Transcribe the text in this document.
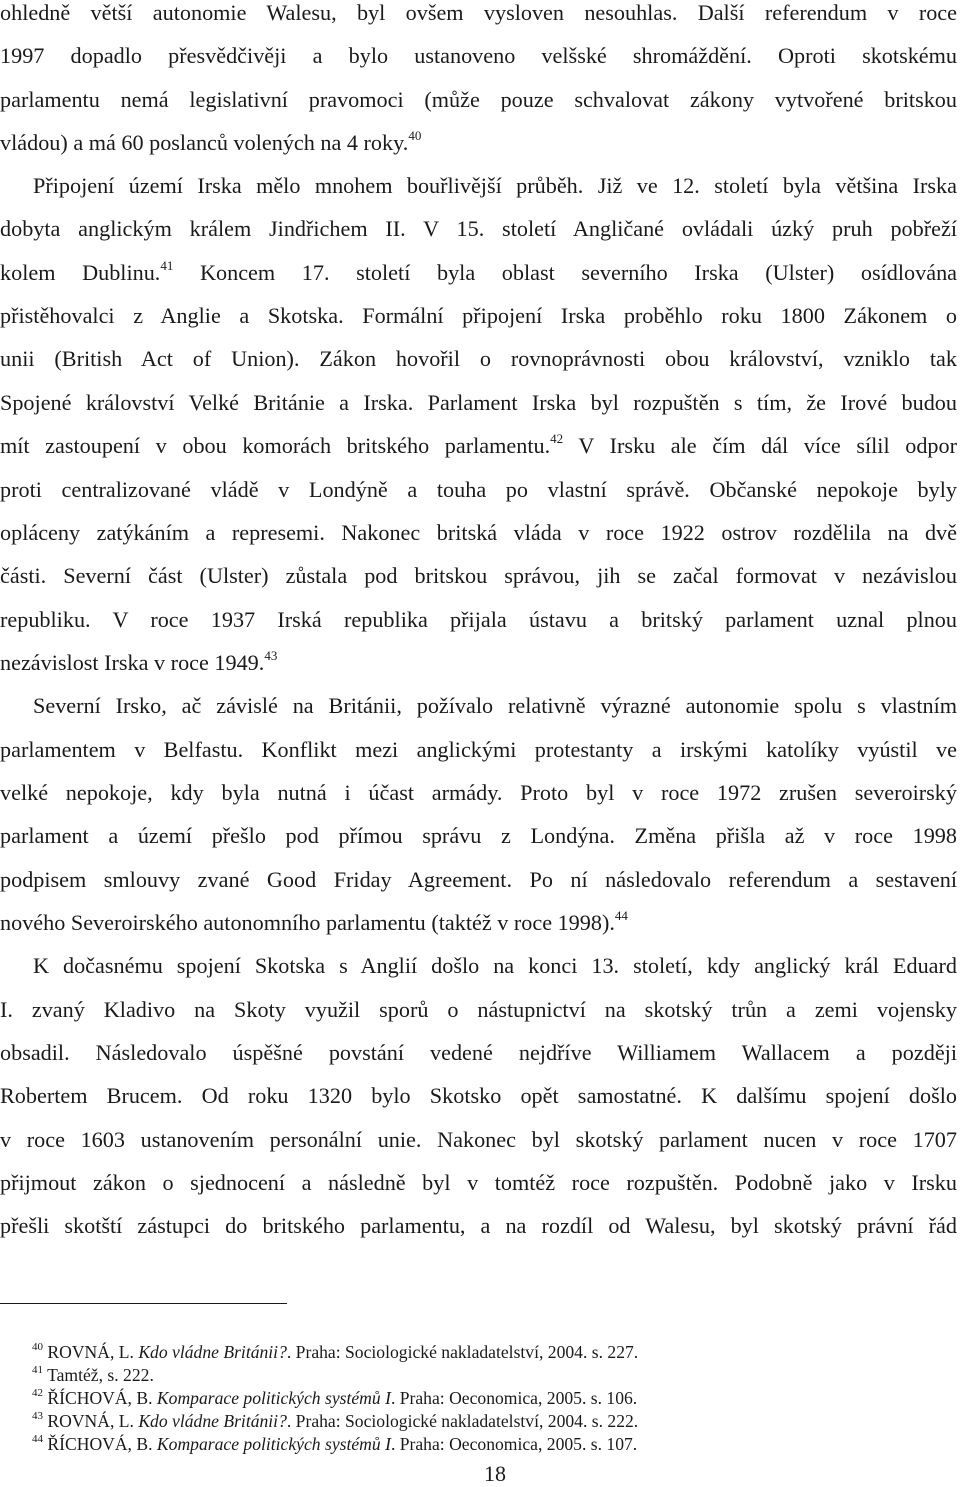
ohledně větší autonomie Walesu, byl ovšem vysloven nesouhlas. Další referendum v roce
1997 dopadlo přesvědčivěji a bylo ustanoveno velšské shromáždění. Oproti skotskému
parlamentu nemá legislativní pravomoci (může pouze schvalovat zákony vytvořené britskou
vládou) a má 60 poslanců volených na 4 roky.$^{40}$
Připojení území Irska mělo mnohem bouřlivější průběh. Již ve 12. století byla většina Irska
dobyta anglickým králem Jindřichem II. V 15. století Angličané ovládali úzký pruh pobřeží
kolem Dublinu.$^{41}$ Koncem 17. století byla oblast severního Irska (Ulster) osídlována
přistěhovalci z Anglie a Skotska. Formální připojení Irska proběhlo roku 1800 Zákonem o
unii (British Act of Union). Zákon hovořil o rovnoprávnosti obou království, vzniklo tak
Spojené království Velké Británie a Irska. Parlament Irska byl rozpuštěn s tím, že Irové budou
mít zastoupení v obou komorách britského parlamentu.$^{42}$ V Irsku ale čím dál více sílil odpor
proti centralizované vládě v Londýně a touha po vlastní správě. Občanské nepokoje byly
opláceny zatýkáním a represemi. Nakonec britská vláda v roce 1922 ostrov rozdělila na dvě
části. Severní část (Ulster) zůstala pod britskou správou, jih se začal formovat v nezávislou
republiku. V roce 1937 Irská republika přijala ústavu a britský parlament uznal plnou
nezávislost Irska v roce 1949.43
Severní Irsko, ač závislé na Británii, požívalo relativně výrazné autonomie spolu s vlastním
parlamentem v Belfastu. Konflikt mezi anglickými protestanty a irskými katolíky vyústil ve
velké nepokoje, kdy byla nutná i účast armády. Proto byl v roce 1972 zrušen severoirský
parlament a území přešlo pod přímou správu z Londýna. Změna přišla až v roce 1998
podpisem smlouvy zvané Good Friday Agreement. Po ní následovalo referendum a sestavení
nového Severoirského autonomního parlamentu (taktéž v roce 1998).$^{44}$
K dočasnému spojení Skotska s Anglií došlo na konci 13. století, kdy anglický král Eduard
I. zvaný Kladivo na Skoty využil sporů o nástupnictví na skotský trůn a zemi vojensky
obsadil. Následovalo úspěšné povstání vedené nejdříve Williamem Wallacem a později
Robertem Brucem. Od roku 1320 bylo Skotsko opět samostatné. K dalšímu spojení došlo
v roce 1603 ustanovením personální unie. Nakonec byl skotský parlament nucen v roce 1707
přijmout zákon o sjednocení a následně byl v tomtéž roce rozpuštěn. Podobně jako v Irsku
přešli skotští zástupci do britského parlamentu, a na rozdíl od Walesu, byl skotský právní řád
$^{40}$ ROVNÁ, L. Kdo vládne Británii?. Praha: Sociologické nakladatelství, 2004. s. 227.
$^{41}$ Tamtéž, s. 222.
$^{42}$ ŘÍCHOVÁ, B. Komparace politických systémů I. Praha: Oeconomica, 2005. s. 106.
$^{43}$ ROVNÁ, L. Kdo vládne Británii?. Praha: Sociologické nakladatelství, 2004. s. 222.
$^{44}$ ŘÍCHOVÁ, B. Komparace politických systémů I. Praha: Oeconomica, 2005. s. 107.
18
